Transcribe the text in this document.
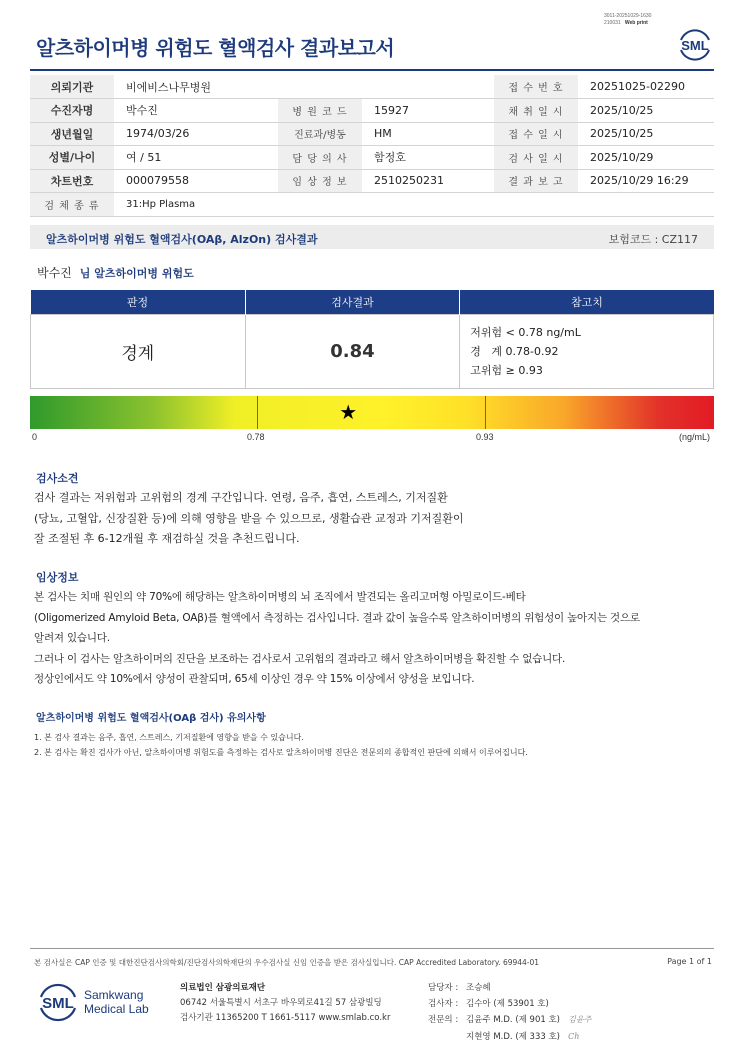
3011-20251029-1630
210031 Web print
알츠하이머병 위험도 혈액검사 결과보고서	SML
의뢰기관	비에비스나무병원			접 수 번 호	20251025-02290
수진자명	박수진	병 원 코 드	15927	채 취 일 시	2025/10/25
생년월일	1974/03/26	진료과/병동	HM	접 수 일 시	2025/10/25
성별/나이	여 / 51	담 당 의 사	함정호	검 사 일 시	2025/10/29
차트번호	000079558	임 상 정 보	2510250231	결 과 보 고	2025/10/29 16:29
검 체 종 류	31:Hp Plasma				
알츠하이머병 위험도 혈액검사(OAβ, AlzOn) 검사결과	보험코드 : CZ117
박수진 님 알츠하이머병 위험도
판정	검사결과	참고치
경계	0.84	저위험 < 0.78 ng/mL
경   계 0.78-0.92
고위험 ≥ 0.93
★
0	0.78	0.93	(ng/mL)
검사소견
검사 결과는 저위험과 고위험의 경계 구간입니다. 연령, 음주, 흡연, 스트레스, 기저질환
(당뇨, 고혈압, 신장질환 등)에 의해 영향을 받을 수 있으므로, 생활습관 교정과 기저질환이
잘 조절된 후 6-12개월 후 재검하실 것을 추천드립니다.
임상정보
본 검사는 치매 원인의 약 70%에 해당하는 알츠하이머병의 뇌 조직에서 발견되는 올리고머형 아밀로이드-베타
(Oligomerized Amyloid Beta, OAβ)를 혈액에서 측정하는 검사입니다. 결과 값이 높을수록 알츠하이머병의 위험성이 높아지는 것으로
알려져 있습니다.
그러나 이 검사는 알츠하이머의 진단을 보조하는 검사로서 고위험의 결과라고 해서 알츠하이머병을 확진할 수 없습니다.
정상인에서도 약 10%에서 양성이 관찰되며, 65세 이상인 경우 약 15% 이상에서 양성을 보입니다.
알츠하이머병 위험도 혈액검사(OAβ 검사) 유의사항
1. 본 검사 결과는 음주, 흡연, 스트레스, 기저질환에 영향을 받을 수 있습니다.
2. 본 검사는 확진 검사가 아닌, 알츠하이머병 위험도를 측정하는 검사로 알츠하이머병 진단은 전문의의 종합적인 판단에 의해서 이루어집니다.
본 검사실은 CAP 인증 및 대한진단검사의학회/진단검사의학재단의 우수검사실 신임 인증을 받은 검사실입니다. CAP Accredited Laboratory. 69944-01	Page 1 of 1
SML Samkwang
Medical Lab
의료법인 삼광의료재단
06742 서울특별시 서초구 바우뫼로41길 57 삼광빌딩
검사기관 11365200 T 1661-5117 www.smlab.co.kr
담당자 : 조승혜
검사자 : 김수아 (제 53901 호)
전문의 : 김윤주 M.D. (제 901 호) 김윤주
지현영 M.D. (제 333 호) Ch
